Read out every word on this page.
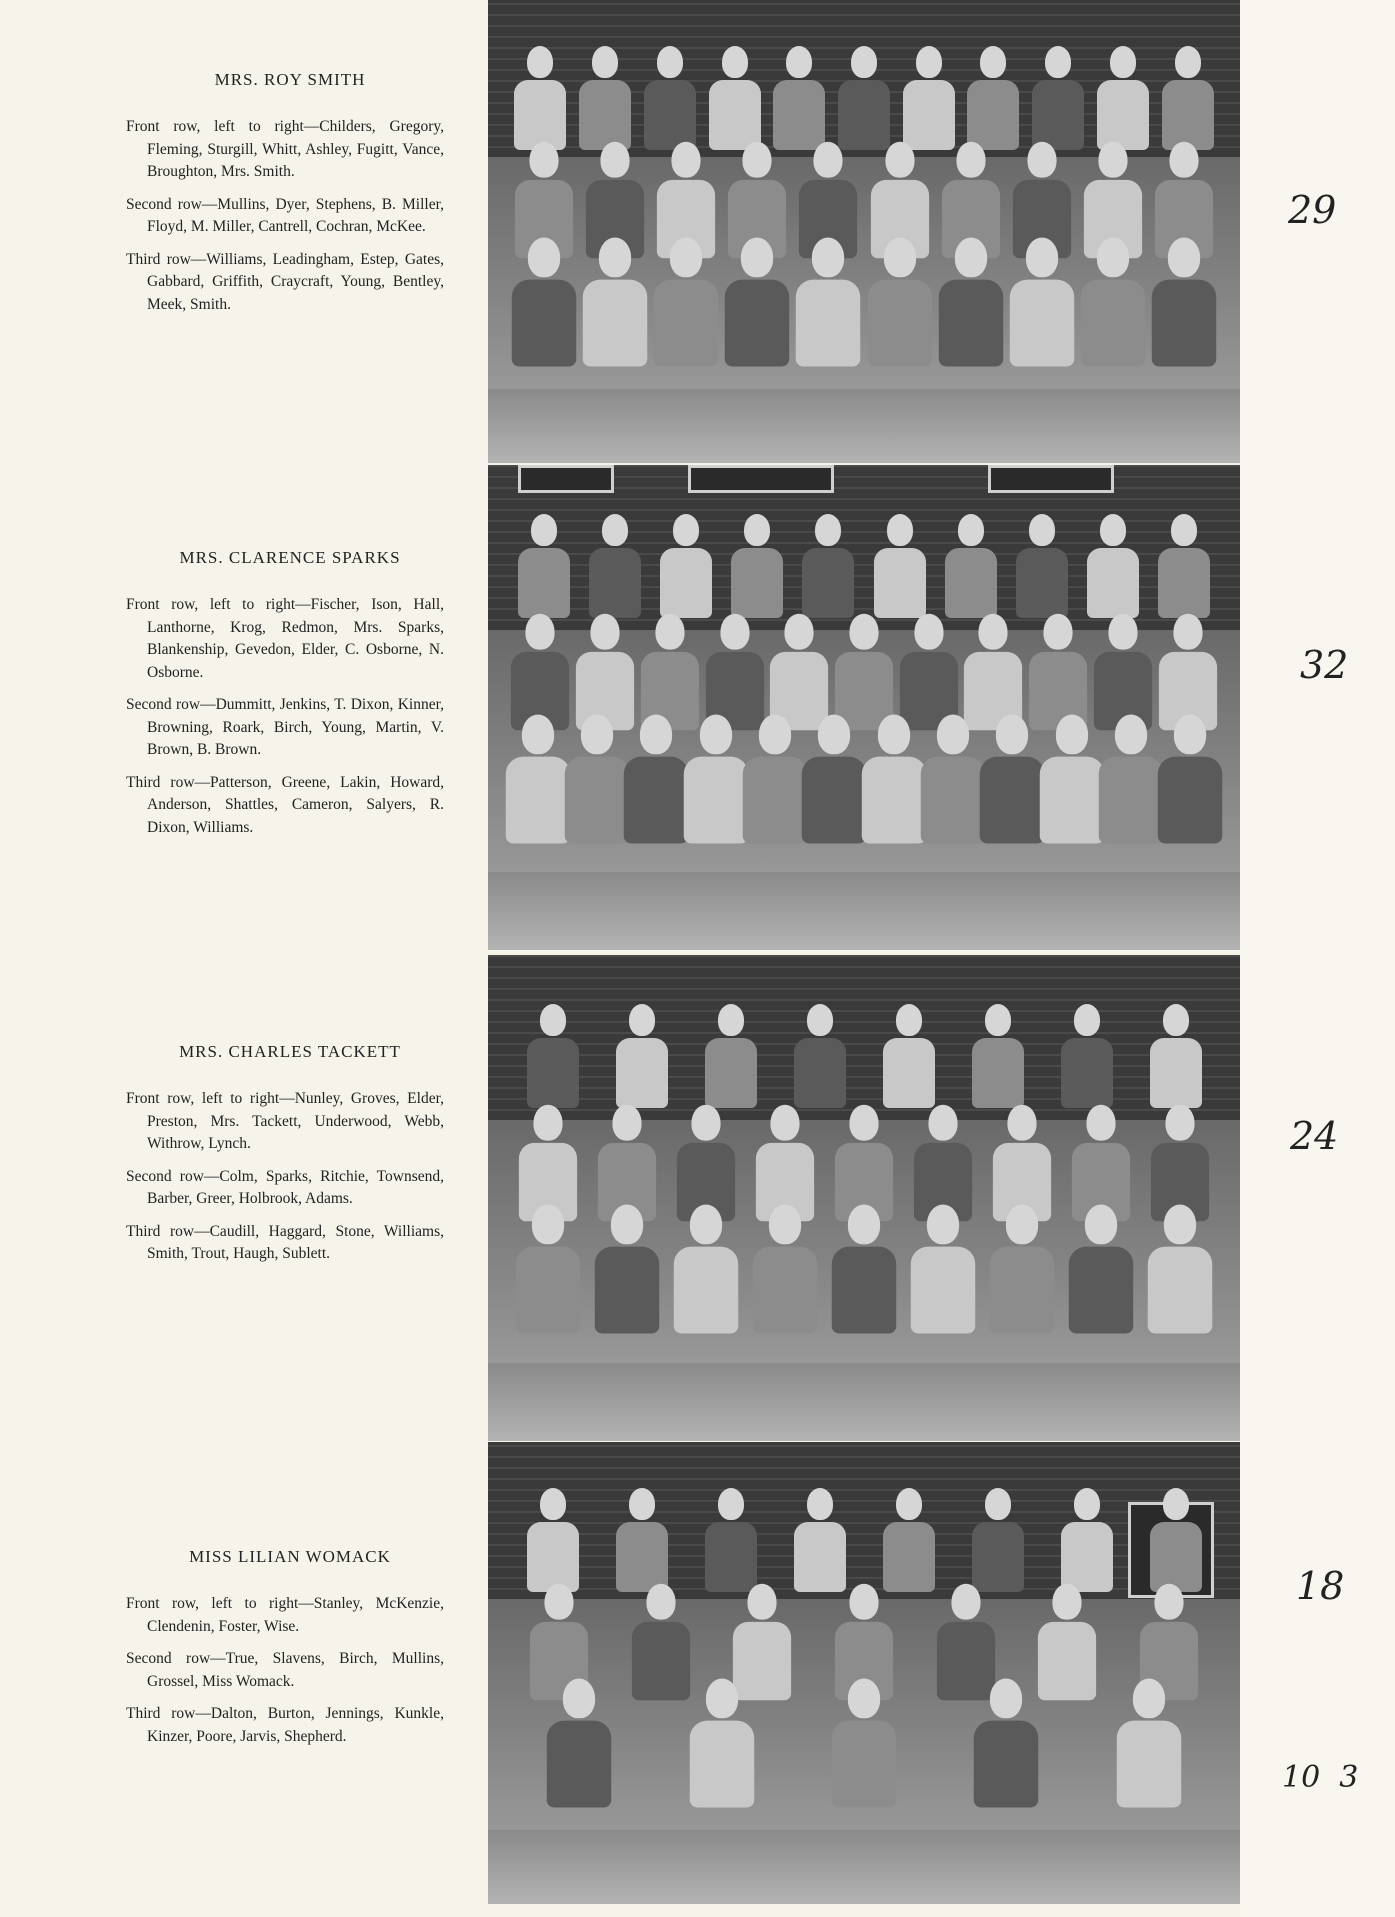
MRS. ROY SMITH

Front row, left to right—Childers, Gregory, Fleming, Sturgill, Whitt, Ashley, Fugitt, Vance, Broughton, Mrs. Smith.

Second row—Mullins, Dyer, Stephens, B. Miller, Floyd, M. Miller, Cantrell, Cochran, McKee.

Third row—Williams, Leadingham, Estep, Gates, Gabbard, Griffith, Craycraft, Young, Bentley, Meek, Smith.

29

MRS. CLARENCE SPARKS

Front row, left to right—Fischer, Ison, Hall, Lanthorne, Krog, Redmon, Mrs. Sparks, Blankenship, Gevedon, Elder, C. Osborne, N. Osborne.

Second row—Dummitt, Jenkins, T. Dixon, Kinner, Browning, Roark, Birch, Young, Martin, V. Brown, B. Brown.

Third row—Patterson, Greene, Lakin, Howard, Anderson, Shattles, Cameron, Salyers, R. Dixon, Williams.

32

MRS. CHARLES TACKETT

Front row, left to right—Nunley, Groves, Elder, Preston, Mrs. Tackett, Underwood, Webb, Withrow, Lynch.

Second row—Colm, Sparks, Ritchie, Townsend, Barber, Greer, Holbrook, Adams.

Third row—Caudill, Haggard, Stone, Williams, Smith, Trout, Haugh, Sublett.

24

MISS LILIAN WOMACK

Front row, left to right—Stanley, McKenzie, Clendenin, Foster, Wise.

Second row—True, Slavens, Birch, Mullins, Grossel, Miss Womack.

Third row—Dalton, Burton, Jennings, Kunkle, Kinzer, Poore, Jarvis, Shepherd.

18
10  3
